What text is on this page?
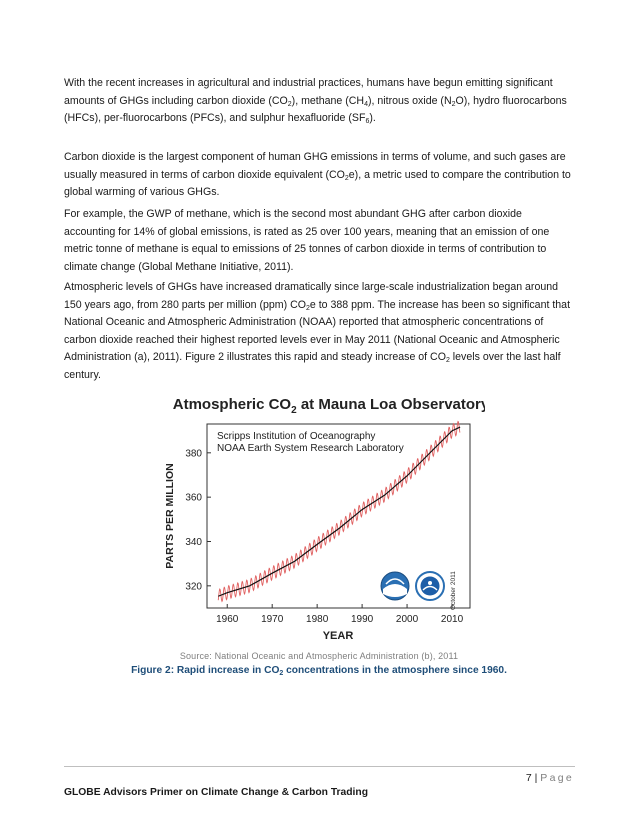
With the recent increases in agricultural and industrial practices, humans have begun emitting significant amounts of GHGs including carbon dioxide $(CO_2)$, methane $(CH_4)$, nitrous oxide $(N_2O)$, hydro fluorocarbons (HFCs), per-fluorocarbons (PFCs), and sulphur hexafluoride $(SF_6)$.

Carbon dioxide is the largest component of human GHG emissions in terms of volume, and such gases are usually measured in terms of carbon dioxide equivalent $(CO_2e)$, a metric used to compare the contribution to global warming of various GHGs.

For example, the GWP of methane, which is the second most abundant GHG after carbon dioxide accounting for 14% of global emissions, is rated as 25 over 100 years, meaning that an emission of one metric tonne of methane is equal to emissions of 25 tonnes of carbon dioxide in terms of contribution to climate change (Global Methane Initiative, 2011).

Atmospheric levels of GHGs have increased dramatically since large-scale industrialization began around 150 years ago, from 280 parts per million (ppm) $CO_2e$ to 388 ppm. The increase has been so significant that National Oceanic and Atmospheric Administration (NOAA) reported that atmospheric concentrations of carbon dioxide reached their highest reported levels ever in May 2011 (National Oceanic and Atmospheric Administration (a), 2011). Figure 2 illustrates this rapid and steady increase of $CO_2$ levels over the last half century.

Atmospheric $CO_2$ at Mauna Loa Observatory
Scripps Institution of Oceanography
NOAA Earth System Research Laboratory
1960 1970 1980 1990 2000 2010
320
340
360
380
October 2011
PARTS PER MILLION
YEAR
Source: National Oceanic and Atmospheric Administration (b), 2011
Figure 2: Rapid increase in $CO_2$ concentrations in the atmosphere since 1960.
7 | Page
GLOBE Advisors Primer on Climate Change & Carbon Trading
